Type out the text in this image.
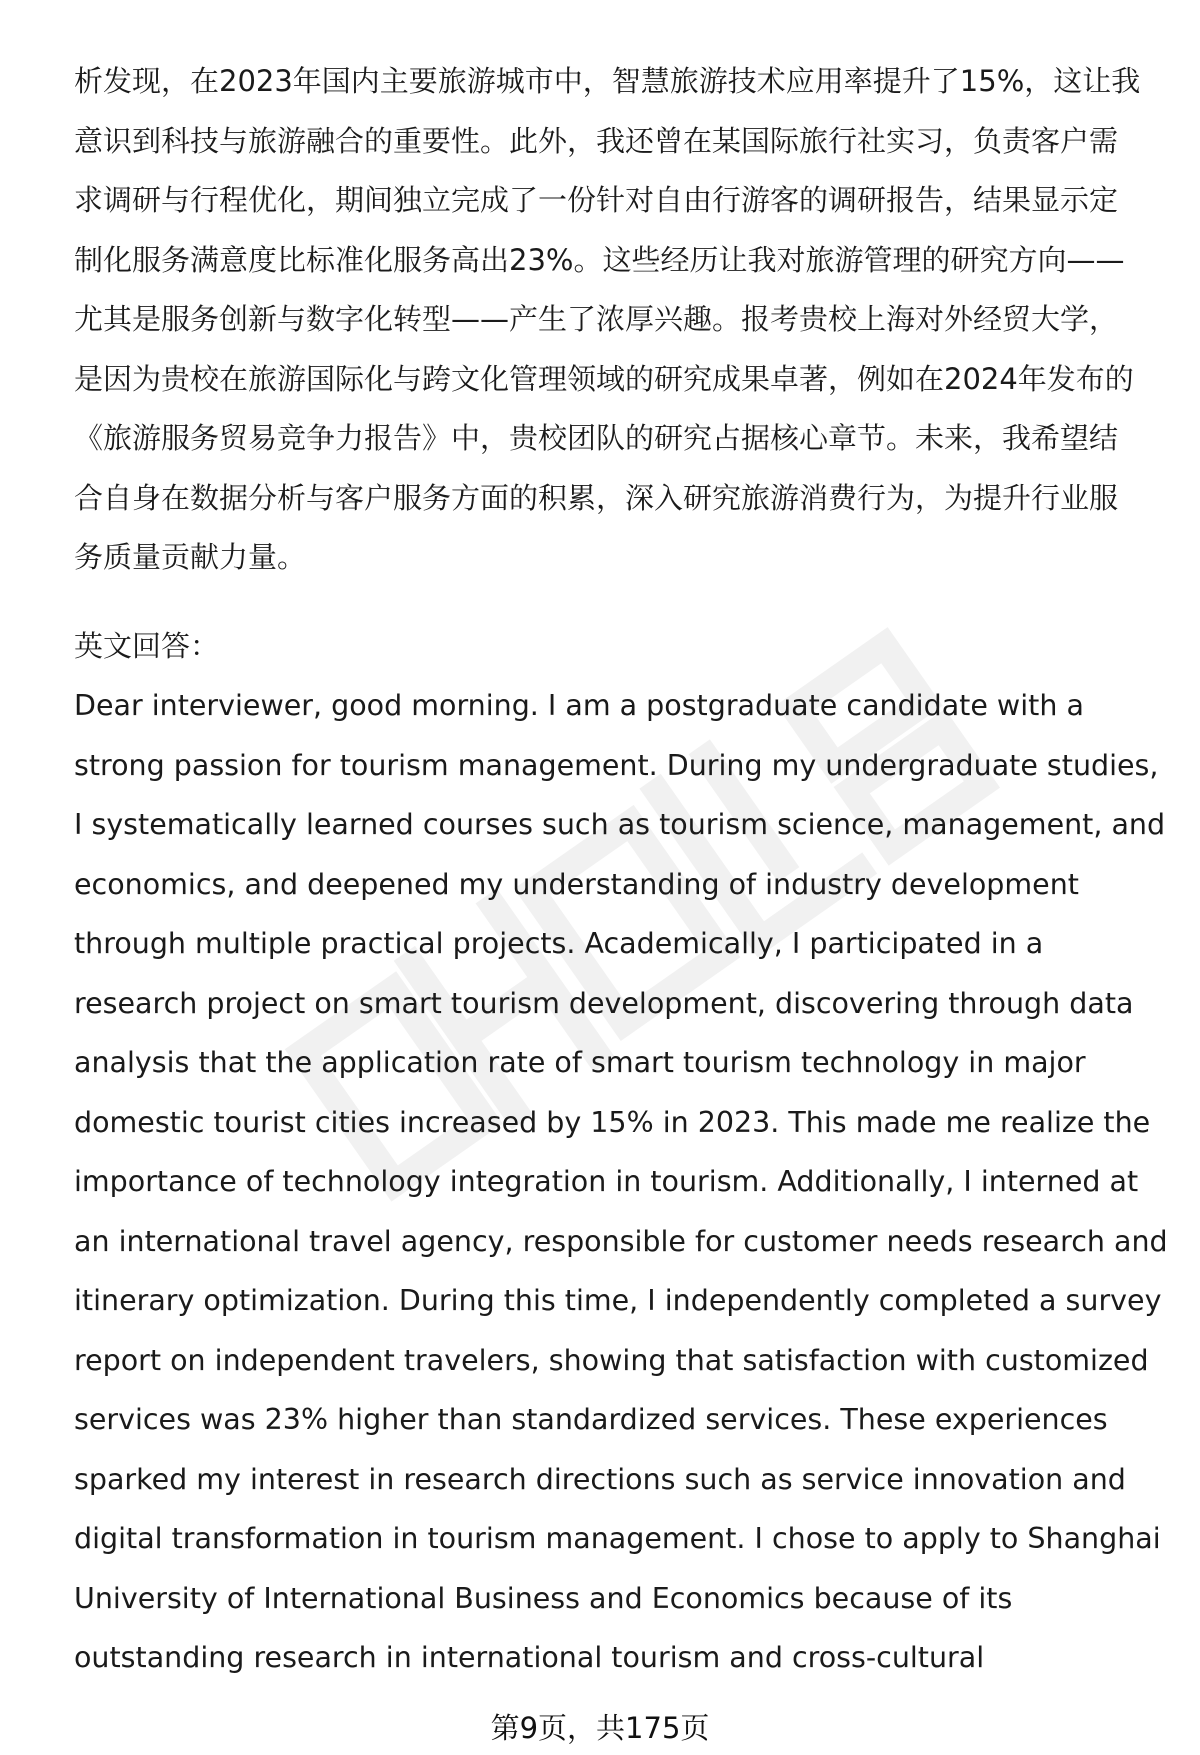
析发现，在2023年国内主要旅游城市中，智慧旅游技术应用率提升了15%，这让我
意识到科技与旅游融合的重要性。此外，我还曾在某国际旅行社实习，负责客户需
求调研与行程优化，期间独立完成了一份针对自由行游客的调研报告，结果显示定
制化服务满意度比标准化服务高出23%。这些经历让我对旅游管理的研究方向——
尤其是服务创新与数字化转型——产生了浓厚兴趣。报考贵校上海对外经贸大学，
是因为贵校在旅游国际化与跨文化管理领域的研究成果卓著，例如在2024年发布的
《旅游服务贸易竞争力报告》中，贵校团队的研究占据核心章节。未来，我希望结
合自身在数据分析与客户服务方面的积累，深入研究旅游消费行为，为提升行业服
务质量贡献力量。
英文回答：
Dear interviewer, good morning. I am a postgraduate candidate with a
strong passion for tourism management. During my undergraduate studies,
I systematically learned courses such as tourism science, management, and
economics, and deepened my understanding of industry development
through multiple practical projects. Academically, I participated in a
research project on smart tourism development, discovering through data
analysis that the application rate of smart tourism technology in major
domestic tourist cities increased by 15% in 2023. This made me realize the
importance of technology integration in tourism. Additionally, I interned at
an international travel agency, responsible for customer needs research and
itinerary optimization. During this time, I independently completed a survey
report on independent travelers, showing that satisfaction with customized
services was 23% higher than standardized services. These experiences
sparked my interest in research directions such as service innovation and
digital transformation in tourism management. I chose to apply to Shanghai
University of International Business and Economics because of its
outstanding research in international tourism and cross-cultural
第9页，共175页
